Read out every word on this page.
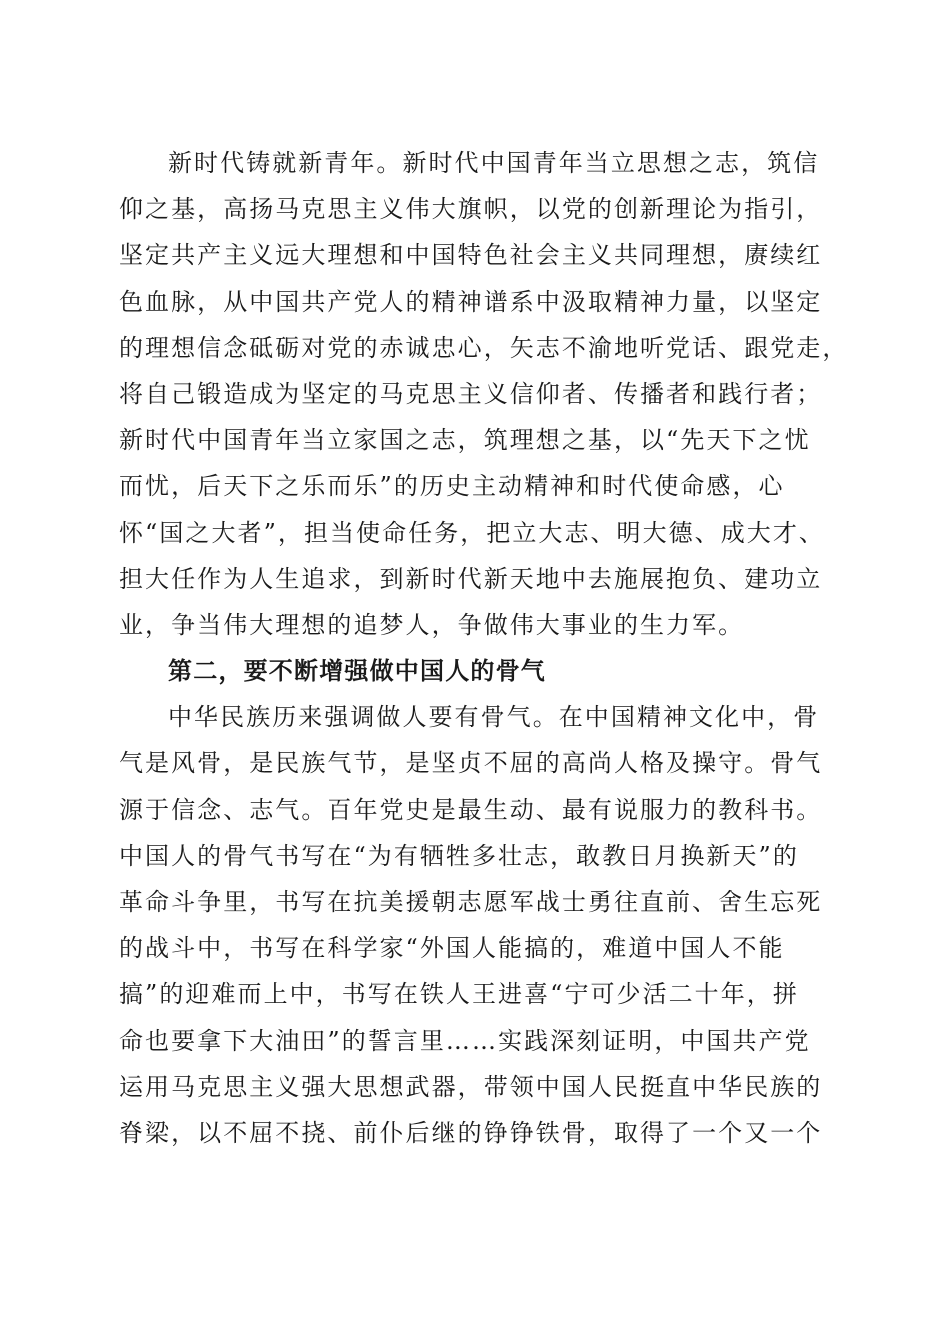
新时代铸就新青年。新时代中国青年当立思想之志，筑信
仰之基，高扬马克思主义伟大旗帜，以党的创新理论为指引，
坚定共产主义远大理想和中国特色社会主义共同理想，赓续红
色血脉，从中国共产党人的精神谱系中汲取精神力量，以坚定
的理想信念砥砺对党的赤诚忠心，矢志不渝地听党话、跟党走，
将自己锻造成为坚定的马克思主义信仰者、传播者和践行者；
新时代中国青年当立家国之志，筑理想之基，以“先天下之忧
而忧，后天下之乐而乐”的历史主动精神和时代使命感，心
怀“国之大者”，担当使命任务，把立大志、明大德、成大才、
担大任作为人生追求，到新时代新天地中去施展抱负、建功立
业，争当伟大理想的追梦人，争做伟大事业的生力军。
第二，要不断增强做中国人的骨气
中华民族历来强调做人要有骨气。在中国精神文化中，骨
气是风骨，是民族气节，是坚贞不屈的高尚人格及操守。骨气
源于信念、志气。百年党史是最生动、最有说服力的教科书。
中国人的骨气书写在“为有牺牲多壮志，敢教日月换新天”的
革命斗争里，书写在抗美援朝志愿军战士勇往直前、舍生忘死
的战斗中，书写在科学家“外国人能搞的，难道中国人不能
搞”的迎难而上中，书写在铁人王进喜“宁可少活二十年，拼
命也要拿下大油田”的誓言里……实践深刻证明，中国共产党
运用马克思主义强大思想武器，带领中国人民挺直中华民族的
脊梁，以不屈不挠、前仆后继的铮铮铁骨，取得了一个又一个
